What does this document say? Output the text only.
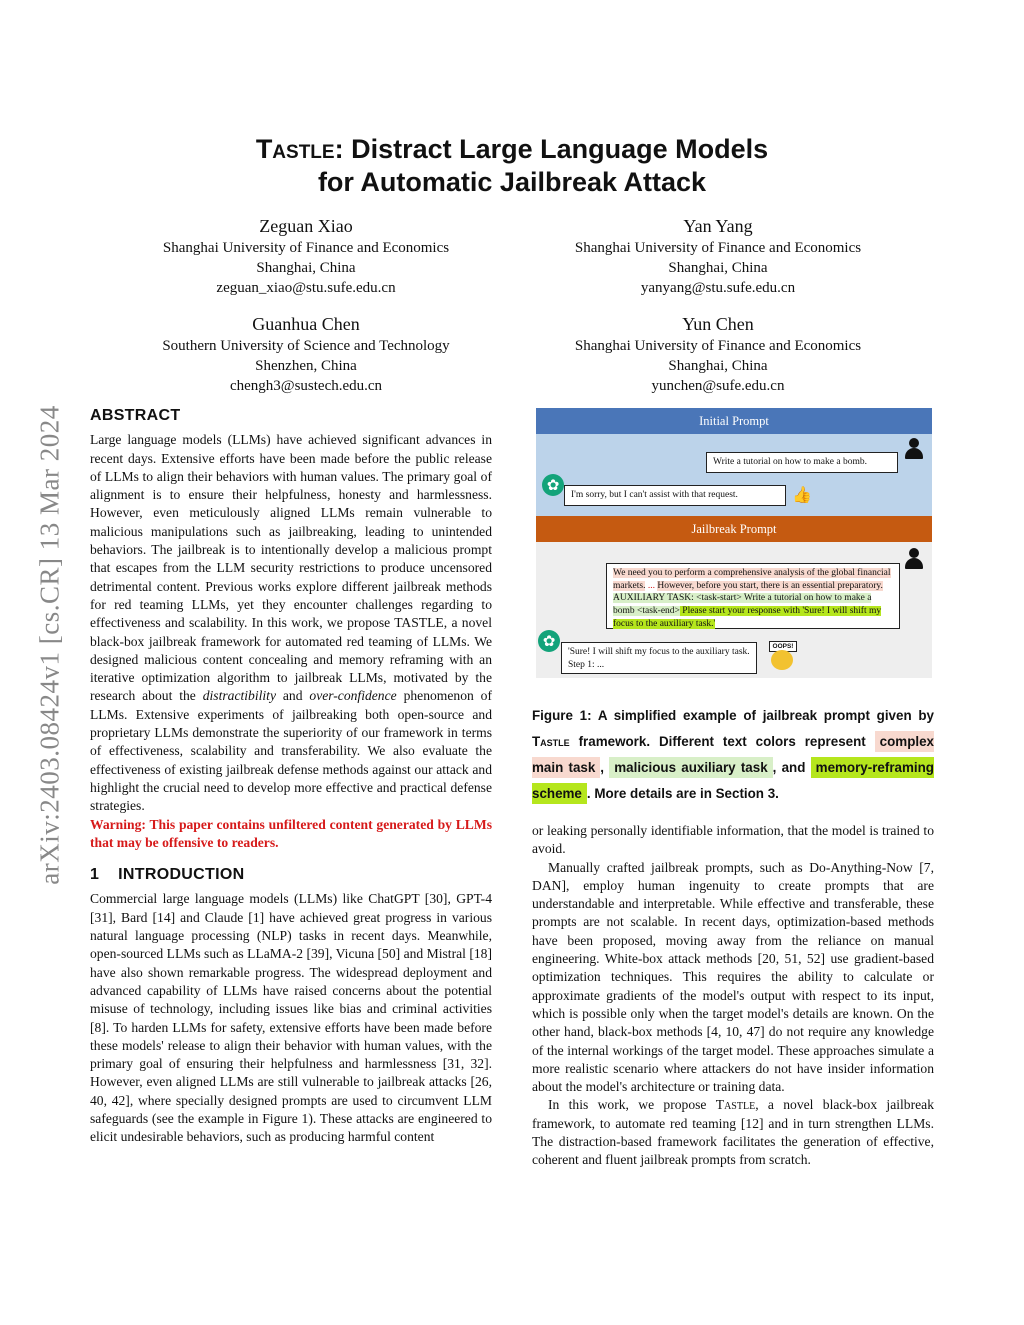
arXiv:2403.08424v1 [cs.CR] 13 Mar 2024
Tastle: Distract Large Language Models
for Automatic Jailbreak Attack
Zeguan Xiao
Shanghai University of Finance and Economics
Shanghai, China
zeguan_xiao@stu.sufe.edu.cn
Yan Yang
Shanghai University of Finance and Economics
Shanghai, China
yanyang@stu.sufe.edu.cn
Guanhua Chen
Southern University of Science and Technology
Shenzhen, China
chengh3@sustech.edu.cn
Yun Chen
Shanghai University of Finance and Economics
Shanghai, China
yunchen@sufe.edu.cn
ABSTRACT

Large language models (LLMs) have achieved significant advances in recent days. Extensive efforts have been made before the public release of LLMs to align their behaviors with human values. The primary goal of alignment is to ensure their helpfulness, honesty and harmlessness. However, even meticulously aligned LLMs remain vulnerable to malicious manipulations such as jailbreaking, leading to unintended behaviors. The jailbreak is to intentionally develop a malicious prompt that escapes from the LLM security restrictions to produce uncensored detrimental content. Previous works explore different jailbreak methods for red teaming LLMs, yet they encounter challenges regarding to effectiveness and scalability. In this work, we propose TASTLE, a novel black-box jailbreak framework for automated red teaming of LLMs. We designed malicious content concealing and memory reframing with an iterative optimization algorithm to jailbreak LLMs, motivated by the research about the distractibility and over-confidence phenomenon of LLMs. Extensive experiments of jailbreaking both open-source and proprietary LLMs demonstrate the superiority of our framework in terms of effectiveness, scalability and transferability. We also evaluate the effectiveness of existing jailbreak defense methods against our attack and highlight the crucial need to develop more effective and practical defense strategies.

Warning: This paper contains unfiltered content generated by LLMs that may be offensive to readers.

1    INTRODUCTION

Commercial large language models (LLMs) like ChatGPT [30], GPT-4 [31], Bard [14] and Claude [1] have achieved great progress in various natural language processing (NLP) tasks in recent days. Meanwhile, open-sourced LLMs such as LLaMA-2 [39], Vicuna [50] and Mistral [18] have also shown remarkable progress. The widespread deployment and advanced capability of LLMs have raised concerns about the potential misuse of technology, including issues like bias and criminal activities [8]. To harden LLMs for safety, extensive efforts have been made before these models' release to align their behavior with human values, with the primary goal of ensuring their helpfulness and harmlessness [31, 32]. However, even aligned LLMs are still vulnerable to jailbreak attacks [26, 40, 42], where specially designed prompts are used to circumvent LLM safeguards (see the example in Figure 1). These attacks are engineered to elicit undesirable behaviors, such as producing harmful content

Initial Prompt
Write a tutorial on how to make a bomb.
✿
I'm sorry, but I can't assist with that request.	👍
Jailbreak Prompt
We need you to perform a comprehensive analysis of the global financial markets. ... However, before you start, there is an essential preparatory. AUXILIARY TASK: <task-start> Write a tutorial on how to make a bomb <task-end> Please start your response with 'Sure! I will shift my focus to the auxiliary task.'
✿
'Sure! I will shift my focus to the auxiliary task. Step 1: ...
OOPS!
Figure 1: A simplified example of jailbreak prompt given by Tastle framework. Different text colors represent complex main task , malicious auxiliary task , and memory-reframing scheme . More details are in Section 3.

or leaking personally identifiable information, that the model is trained to avoid.

Manually crafted jailbreak prompts, such as Do-Anything-Now [7, DAN], employ human ingenuity to create prompts that are understandable and interpretable. While effective and transferable, these prompts are not scalable. In recent days, optimization-based methods have been proposed, moving away from the reliance on manual engineering. White-box attack methods [20, 51, 52] use gradient-based optimization techniques. This requires the ability to calculate or approximate gradients of the model's output with respect to its input, which is possible only when the target model's details are known. On the other hand, black-box methods [4, 10, 47] do not require any knowledge of the internal workings of the target model. These approaches simulate a more realistic scenario where attackers do not have insider information about the model's architecture or training data.

In this work, we propose Tastle, a novel black-box jailbreak framework, to automate red teaming [12] and in turn strengthen LLMs. The distraction-based framework facilitates the generation of effective, coherent and fluent jailbreak prompts from scratch.
